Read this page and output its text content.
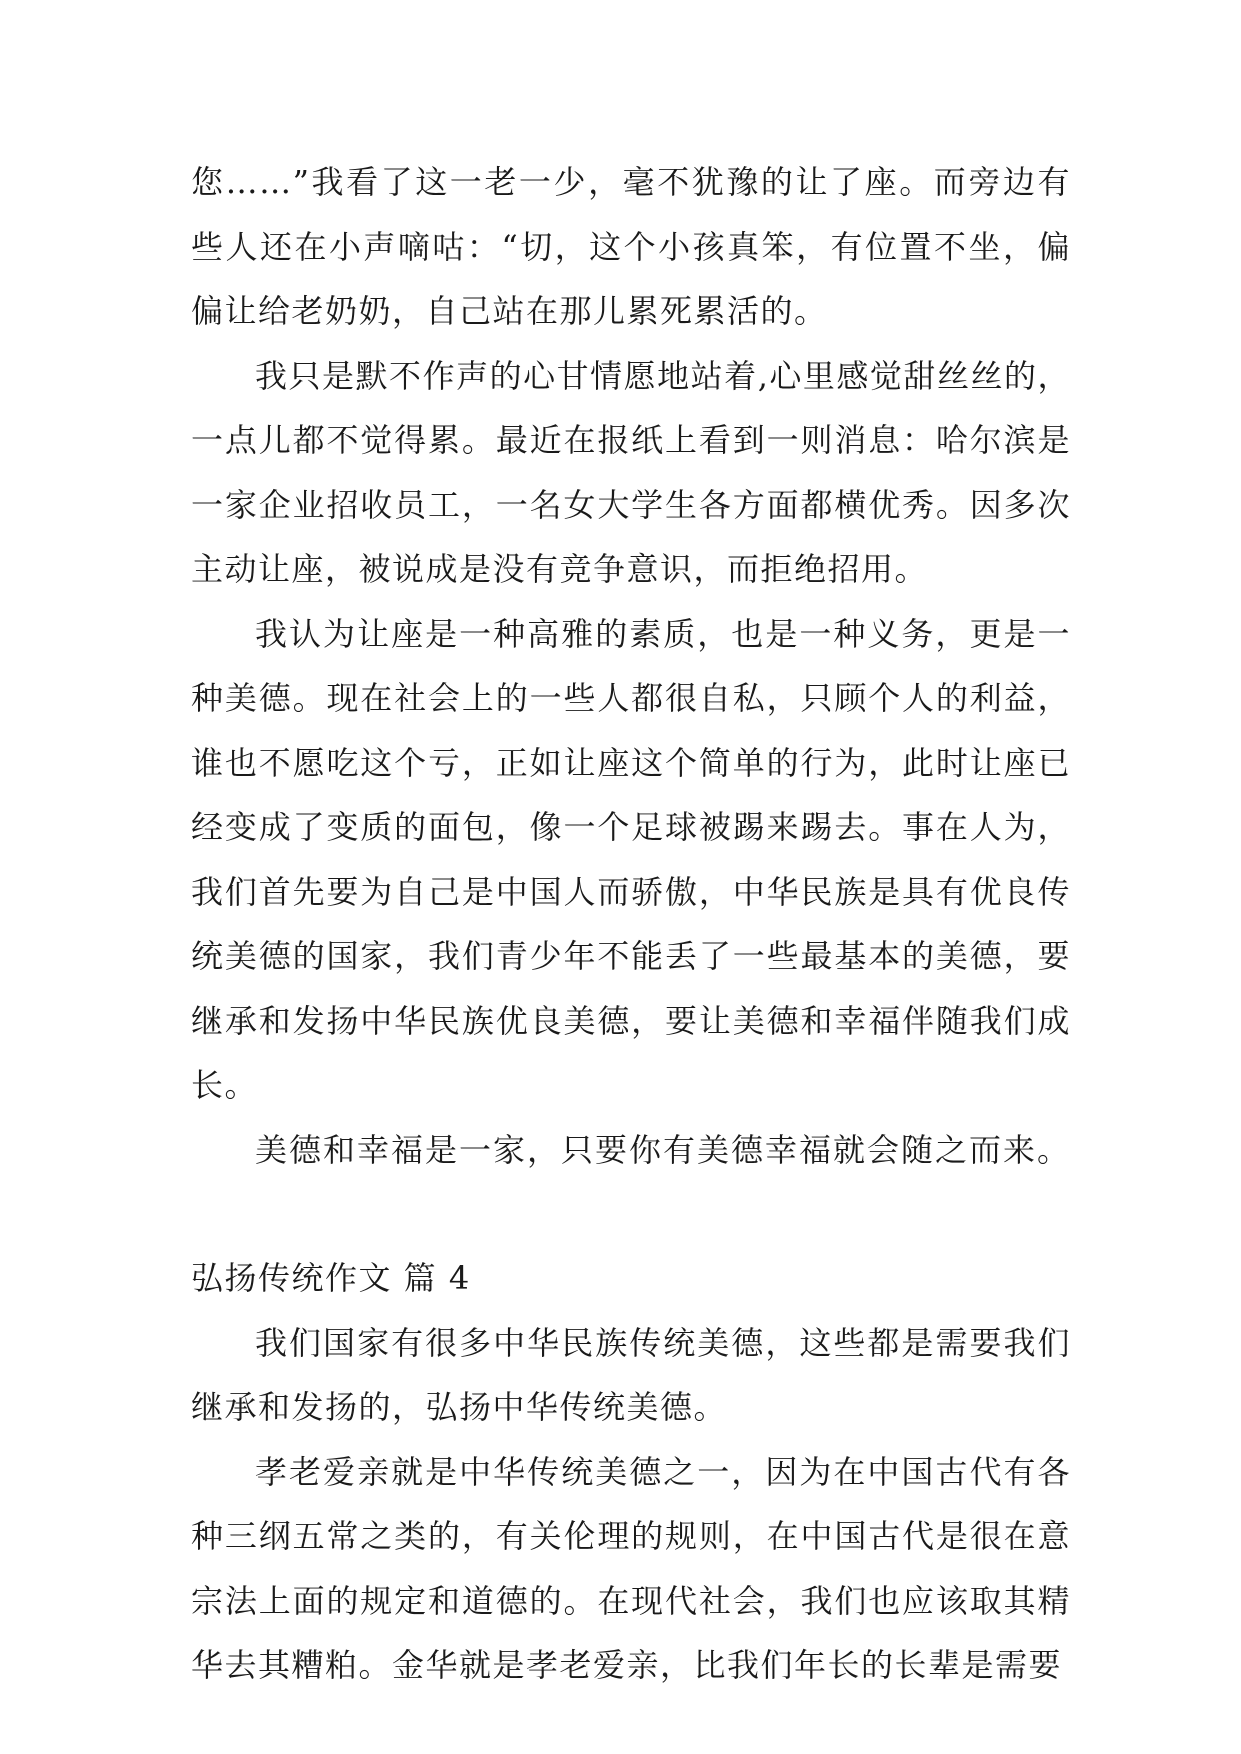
您……”我看了这一老一少，毫不犹豫的让了座。而旁边有些人还在小声嘀咕：“切，这个小孩真笨，有位置不坐，偏偏让给老奶奶，自己站在那儿累死累活的。

我只是默不作声的心甘情愿地站着,心里感觉甜丝丝的，一点儿都不觉得累。最近在报纸上看到一则消息：哈尔滨是一家企业招收员工，一名女大学生各方面都横优秀。因多次主动让座，被说成是没有竞争意识，而拒绝招用。

我认为让座是一种高雅的素质，也是一种义务，更是一种美德。现在社会上的一些人都很自私，只顾个人的利益，谁也不愿吃这个亏，正如让座这个简单的行为，此时让座已经变成了变质的面包，像一个足球被踢来踢去。事在人为，我们首先要为自己是中国人而骄傲，中华民族是具有优良传统美德的国家，我们青少年不能丢了一些最基本的美德，要继承和发扬中华民族优良美德，要让美德和幸福伴随我们成长。

美德和幸福是一家，只要你有美德幸福就会随之而来。

弘扬传统作文 篇 4

我们国家有很多中华民族传统美德，这些都是需要我们继承和发扬的，弘扬中华传统美德。

孝老爱亲就是中华传统美德之一，因为在中国古代有各种三纲五常之类的，有关伦理的规则，在中国古代是很在意宗法上面的规定和道德的。在现代社会，我们也应该取其精华去其糟粕。金华就是孝老爱亲，比我们年长的长辈是需要
